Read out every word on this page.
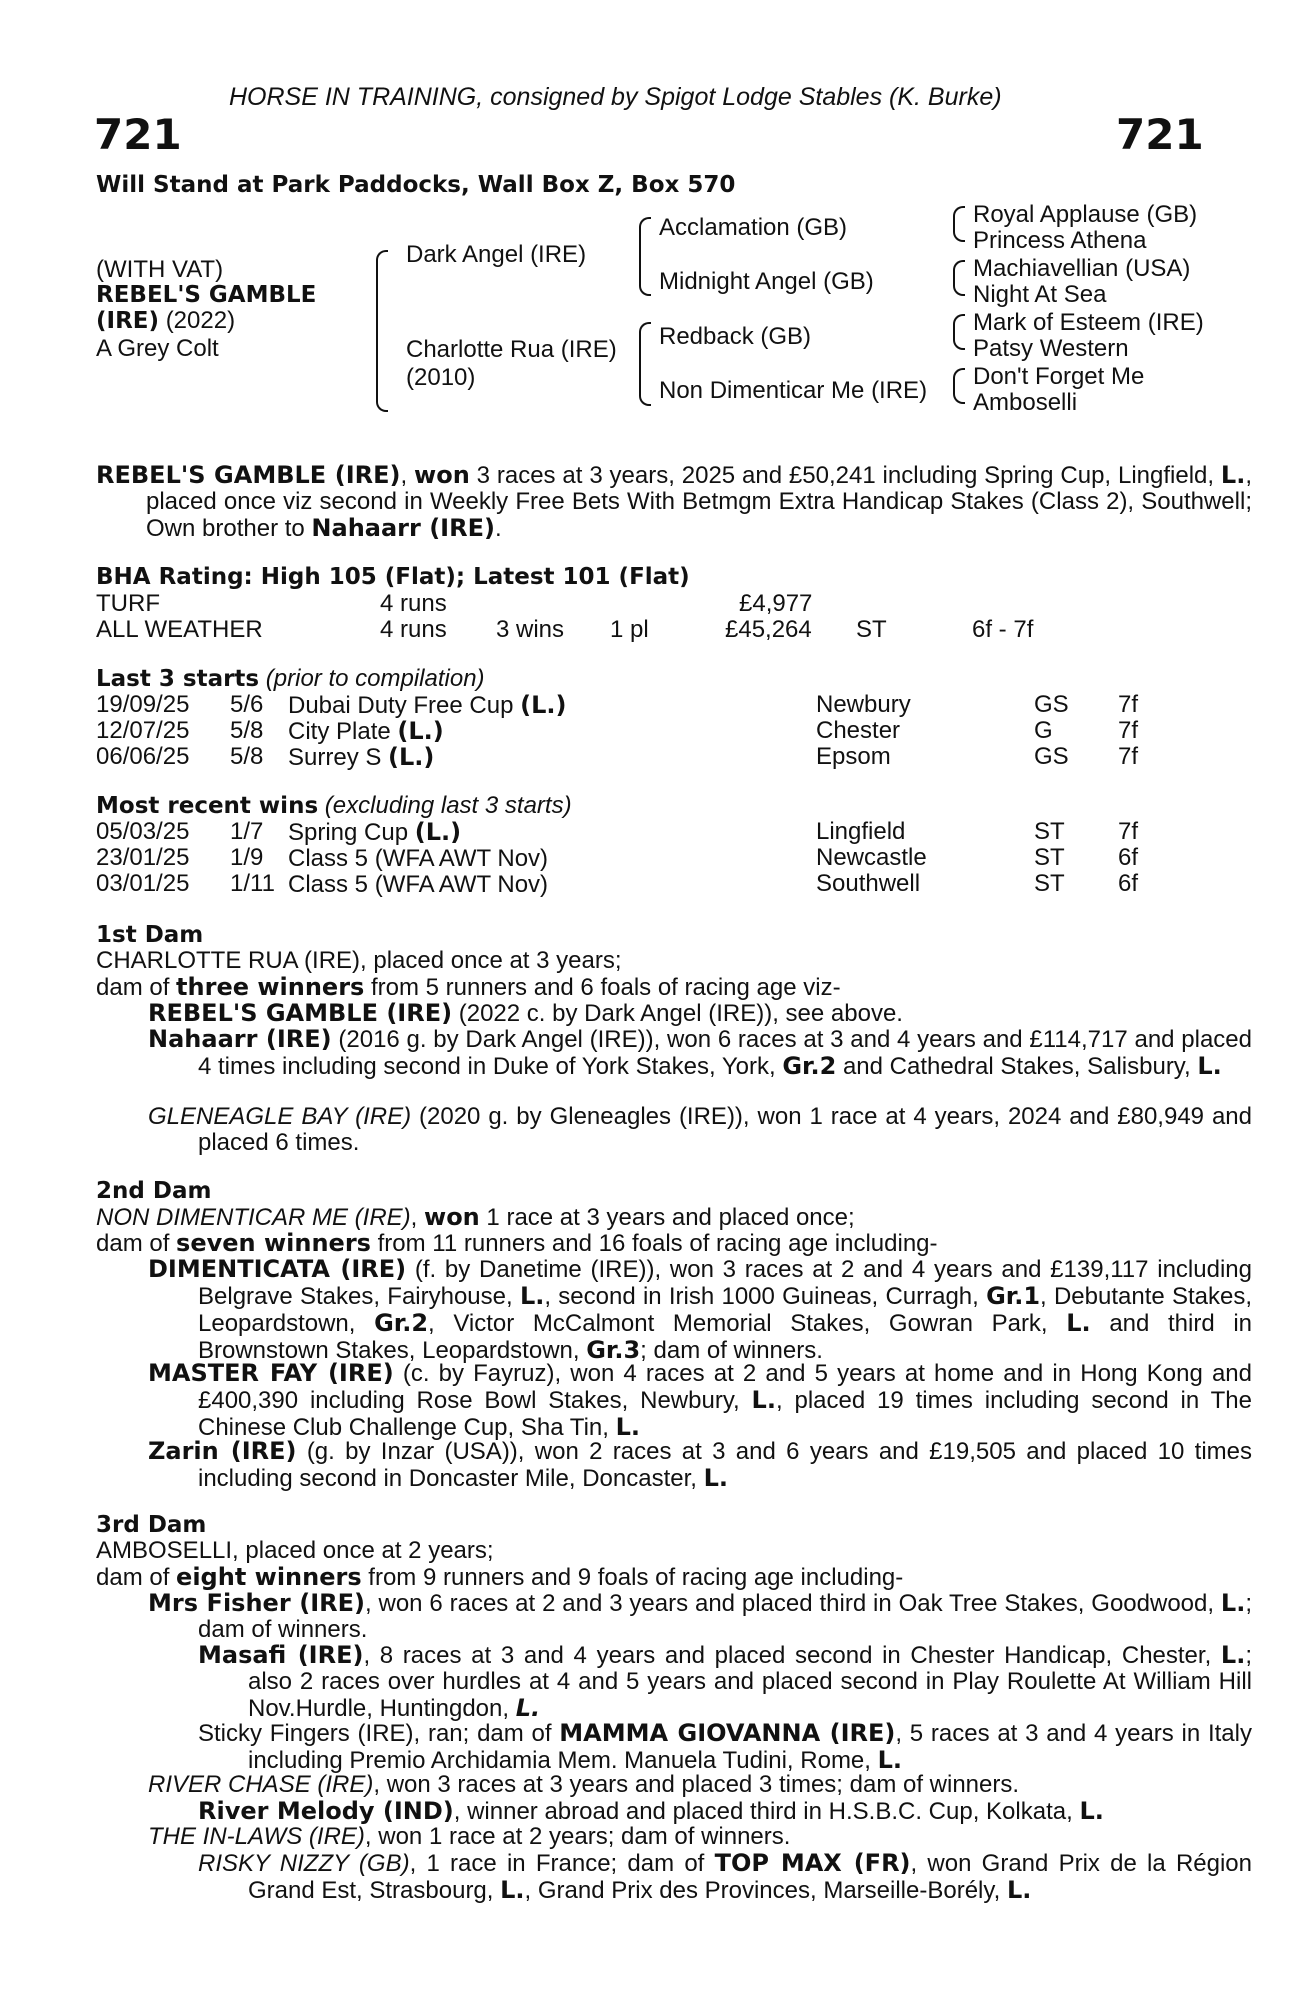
HORSE IN TRAINING, consigned by Spigot Lodge Stables (K. Burke)
721	721
Will Stand at Park Paddocks, Wall Box Z, Box 570
(WITH VAT)
REBEL'S GAMBLE
(IRE) (2022)
A Grey Colt
Dark Angel (IRE)
Charlotte Rua (IRE)
(2010)
Acclamation (GB)
Midnight Angel (GB)
Redback (GB)
Non Dimenticar Me (IRE)
Royal Applause (GB)
Princess Athena
Machiavellian (USA)
Night At Sea
Mark of Esteem (IRE)
Patsy Western
Don't Forget Me
Amboselli
REBEL'S GAMBLE (IRE), won 3 races at 3 years, 2025 and £50,241 including Spring Cup, Lingfield, L., placed once viz second in Weekly Free Bets With Betmgm Extra Handicap Stakes (Class 2), Southwell; Own brother to Nahaarr (IRE).
BHA Rating: High 105 (Flat); Latest 101 (Flat)
TURF	4 runs	£4,977
ALL WEATHER	4 runs 3 wins 1 pl	£45,264 ST	6f - 7f
Last 3 starts (prior to compilation)
19/09/25 5/6 Dubai Duty Free Cup (L.)	Newbury	GS 7f
12/07/25 5/8 City Plate (L.)	Chester	G	7f
06/06/25 5/8 Surrey S (L.)	Epsom	GS 7f
Most recent wins (excluding last 3 starts)
05/03/25 1/7 Spring Cup (L.)	Lingfield	ST 7f
23/01/25 1/9 Class 5 (WFA AWT Nov)	Newcastle	ST 6f
03/01/25 1/11 Class 5 (WFA AWT Nov)	Southwell	ST 6f
1st Dam
CHARLOTTE RUA (IRE), placed once at 3 years;
dam of three winners from 5 runners and 6 foals of racing age viz-
REBEL'S GAMBLE (IRE) (2022 c. by Dark Angel (IRE)), see above.
Nahaarr (IRE) (2016 g. by Dark Angel (IRE)), won 6 races at 3 and 4 years and £114,717 and placed 4 times including second in Duke of York Stakes, York, Gr.2 and Cathedral Stakes, Salisbury, L.
GLENEAGLE BAY (IRE) (2020 g. by Gleneagles (IRE)), won 1 race at 4 years, 2024 and £80,949 and placed 6 times.
2nd Dam
NON DIMENTICAR ME (IRE), won 1 race at 3 years and placed once;
dam of seven winners from 11 runners and 16 foals of racing age including-
DIMENTICATA (IRE) (f. by Danetime (IRE)), won 3 races at 2 and 4 years and £139,117 including Belgrave Stakes, Fairyhouse, L., second in Irish 1000 Guineas, Curragh, Gr.1, Debutante Stakes, Leopardstown, Gr.2, Victor McCalmont Memorial Stakes, Gowran Park, L. and third in Brownstown Stakes, Leopardstown, Gr.3; dam of winners.
MASTER FAY (IRE) (c. by Fayruz), won 4 races at 2 and 5 years at home and in Hong Kong and £400,390 including Rose Bowl Stakes, Newbury, L., placed 19 times including second in The Chinese Club Challenge Cup, Sha Tin, L.
Zarin (IRE) (g. by Inzar (USA)), won 2 races at 3 and 6 years and £19,505 and placed 10 times including second in Doncaster Mile, Doncaster, L.
3rd Dam
AMBOSELLI, placed once at 2 years;
dam of eight winners from 9 runners and 9 foals of racing age including-
Mrs Fisher (IRE), won 6 races at 2 and 3 years and placed third in Oak Tree Stakes, Goodwood, L.; dam of winners.
Masafi (IRE), 8 races at 3 and 4 years and placed second in Chester Handicap, Chester, L.; also 2 races over hurdles at 4 and 5 years and placed second in Play Roulette At William Hill Nov.Hurdle, Huntingdon, L.
Sticky Fingers (IRE), ran; dam of MAMMA GIOVANNA (IRE), 5 races at 3 and 4 years in Italy including Premio Archidamia Mem. Manuela Tudini, Rome, L.
RIVER CHASE (IRE), won 3 races at 3 years and placed 3 times; dam of winners.
River Melody (IND), winner abroad and placed third in H.S.B.C. Cup, Kolkata, L.
THE IN-LAWS (IRE), won 1 race at 2 years; dam of winners.
RISKY NIZZY (GB), 1 race in France; dam of TOP MAX (FR), won Grand Prix de la Région Grand Est, Strasbourg, L., Grand Prix des Provinces, Marseille-Borély, L.
